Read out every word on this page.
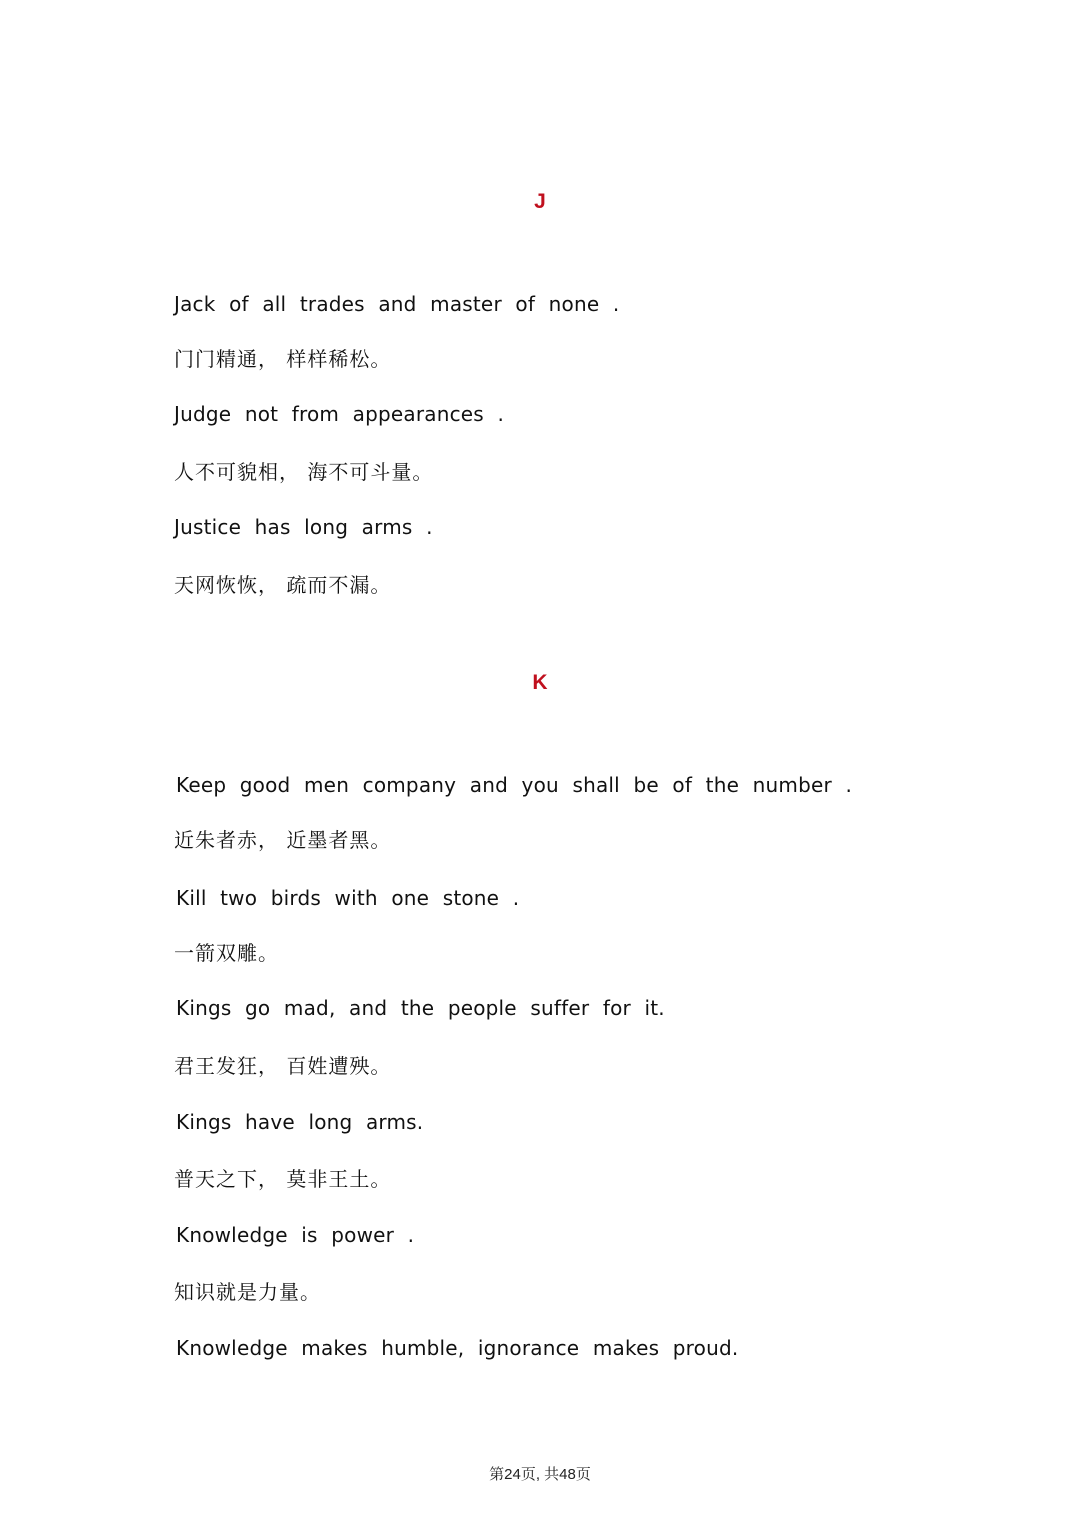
J
Jack of all trades and master of none .
门门精通， 样样稀松。
Judge not from appearances .
人不可貌相， 海不可斗量。
Justice has long arms .
天网恢恢， 疏而不漏。
K
Keep good men company and you shall be of the number .
近朱者赤， 近墨者黑。
Kill two birds with one stone .
一箭双雕。
Kings go mad, and the people suffer for it.
君王发狂， 百姓遭殃。
Kings have long arms.
普天之下， 莫非王土。
Knowledge is power .
知识就是力量。
Knowledge makes humble, ignorance makes proud.
第24页, 共48页
